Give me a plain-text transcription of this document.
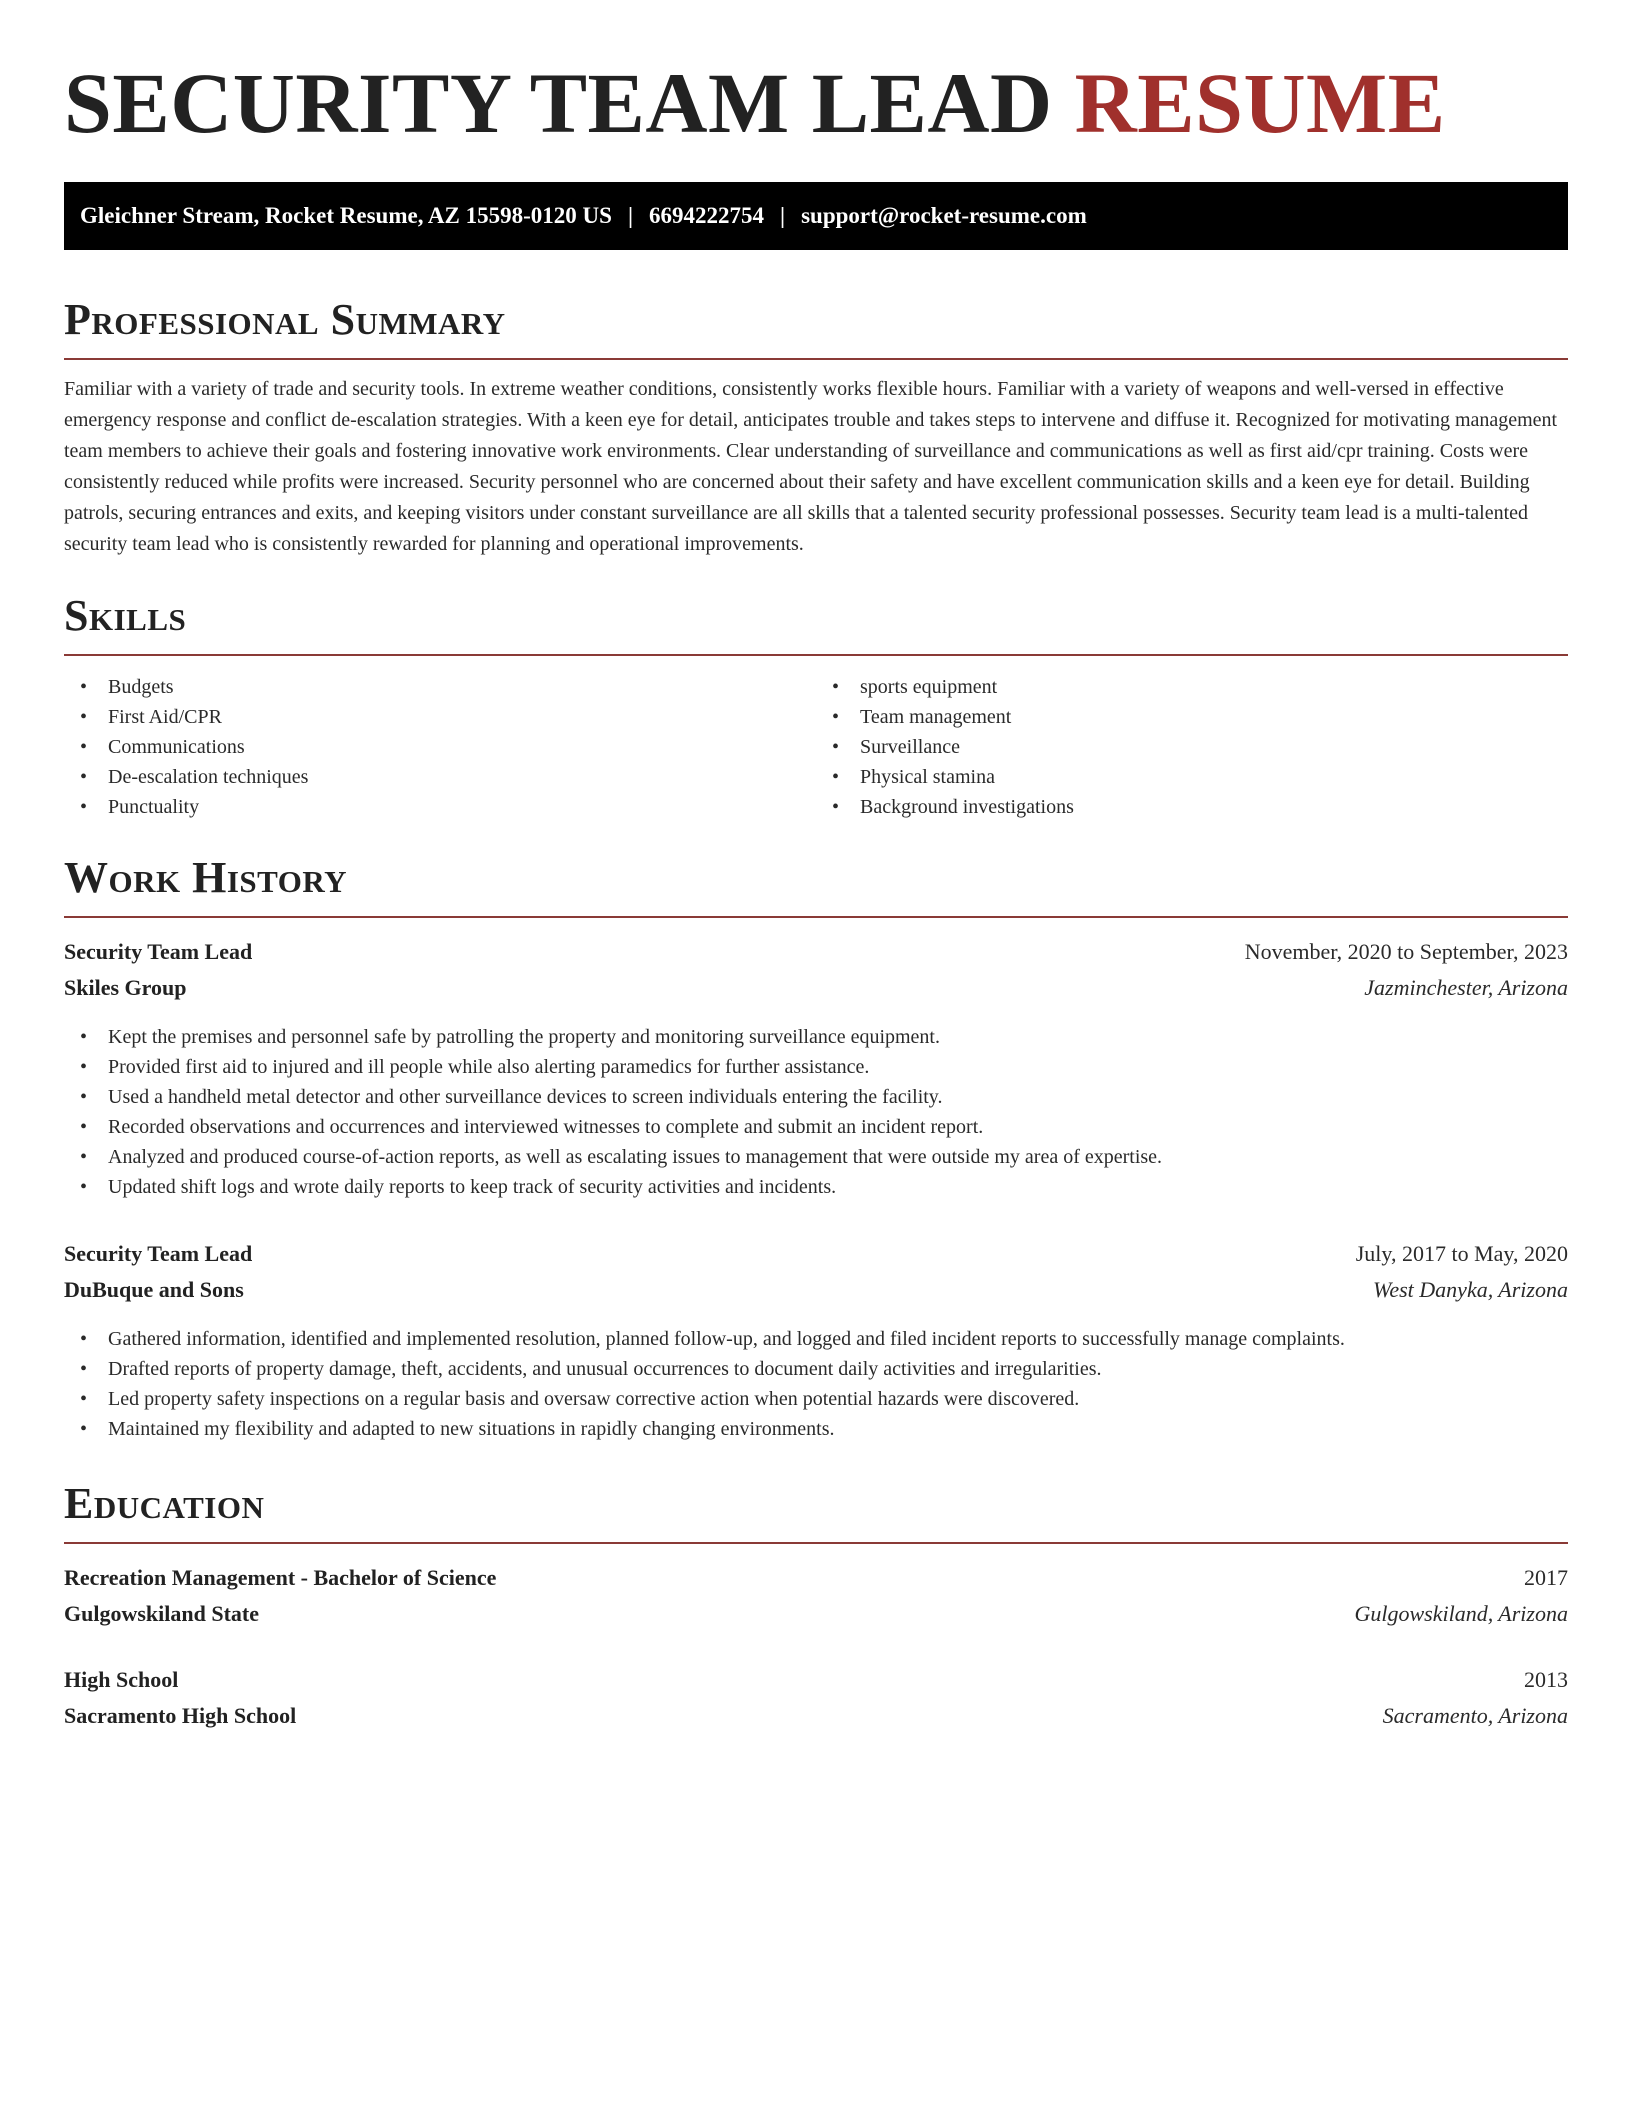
SECURITY TEAM LEAD RESUME
Gleichner Stream, Rocket Resume, AZ 15598-0120 US | 6694222754 | support@rocket-resume.com
Professional Summary

Familiar with a variety of trade and security tools. In extreme weather conditions, consistently works flexible hours. Familiar with a variety of weapons and well-versed in effective emergency response and conflict de-escalation strategies. With a keen eye for detail, anticipates trouble and takes steps to intervene and diffuse it. Recognized for motivating management team members to achieve their goals and fostering innovative work environments. Clear understanding of surveillance and communications as well as first aid/cpr training. Costs were consistently reduced while profits were increased. Security personnel who are concerned about their safety and have excellent communication skills and a keen eye for detail. Building patrols, securing entrances and exits, and keeping visitors under constant surveillance are all skills that a talented security professional possesses. Security team lead is a multi-talented security team lead who is consistently rewarded for planning and operational improvements.

Skills
• Budgets
• First Aid/CPR
• Communications
• De-escalation techniques
• Punctuality
• sports equipment
• Team management
• Surveillance
• Physical stamina
• Background investigations
Work History
Security Team Lead	November, 2020 to September, 2023
Skiles Group	Jazminchester, Arizona
• Kept the premises and personnel safe by patrolling the property and monitoring surveillance equipment.
• Provided first aid to injured and ill people while also alerting paramedics for further assistance.
• Used a handheld metal detector and other surveillance devices to screen individuals entering the facility.
• Recorded observations and occurrences and interviewed witnesses to complete and submit an incident report.
• Analyzed and produced course-of-action reports, as well as escalating issues to management that were outside my area of expertise.
• Updated shift logs and wrote daily reports to keep track of security activities and incidents.
Security Team Lead	July, 2017 to May, 2020
DuBuque and Sons	West Danyka, Arizona
• Gathered information, identified and implemented resolution, planned follow-up, and logged and filed incident reports to successfully manage complaints.
• Drafted reports of property damage, theft, accidents, and unusual occurrences to document daily activities and irregularities.
• Led property safety inspections on a regular basis and oversaw corrective action when potential hazards were discovered.
• Maintained my flexibility and adapted to new situations in rapidly changing environments.
Education
Recreation Management - Bachelor of Science	2017
Gulgowskiland State	Gulgowskiland, Arizona
High School	2013
Sacramento High School	Sacramento, Arizona
